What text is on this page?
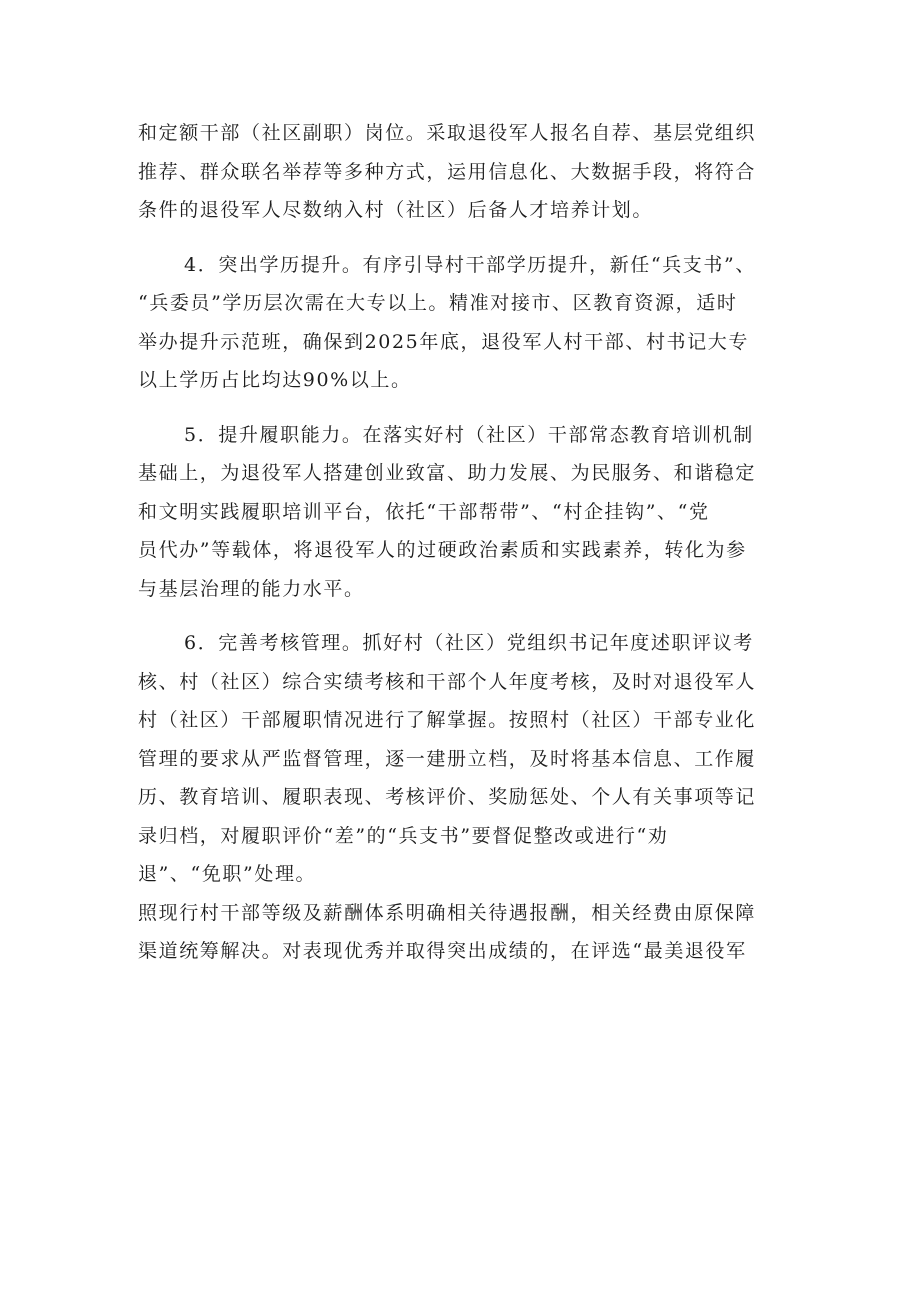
和定额干部（社区副职）岗位。采取退役军人报名自荐、基层党组织
推荐、群众联名举荐等多种方式，运用信息化、大数据手段，将符合
条件的退役军人尽数纳入村（社区）后备人才培养计划。
4．突出学历提升。有序引导村干部学历提升，新任“兵支书”、
“兵委员”学历层次需在大专以上。精准对接市、区教育资源，适时
举办提升示范班，确保到2025年底，退役军人村干部、村书记大专
以上学历占比均达90%以上。
5．提升履职能力。在落实好村（社区）干部常态教育培训机制
基础上，为退役军人搭建创业致富、助力发展、为民服务、和谐稳定
和文明实践履职培训平台，依托“干部帮带”、“村企挂钩”、“党
员代办”等载体，将退役军人的过硬政治素质和实践素养，转化为参
与基层治理的能力水平。
6．完善考核管理。抓好村（社区）党组织书记年度述职评议考
核、村（社区）综合实绩考核和干部个人年度考核，及时对退役军人
村（社区）干部履职情况进行了解掌握。按照村（社区）干部专业化
管理的要求从严监督管理，逐一建册立档，及时将基本信息、工作履
历、教育培训、履职表现、考核评价、奖励惩处、个人有关事项等记
录归档，对履职评价“差”的“兵支书”要督促整改或进行“劝
退”、“免职”处理。
照现行村干部等级及薪酬体系明确相关待遇报酬，相关经费由原保障
渠道统筹解决。对表现优秀并取得突出成绩的，在评选“最美退役军
